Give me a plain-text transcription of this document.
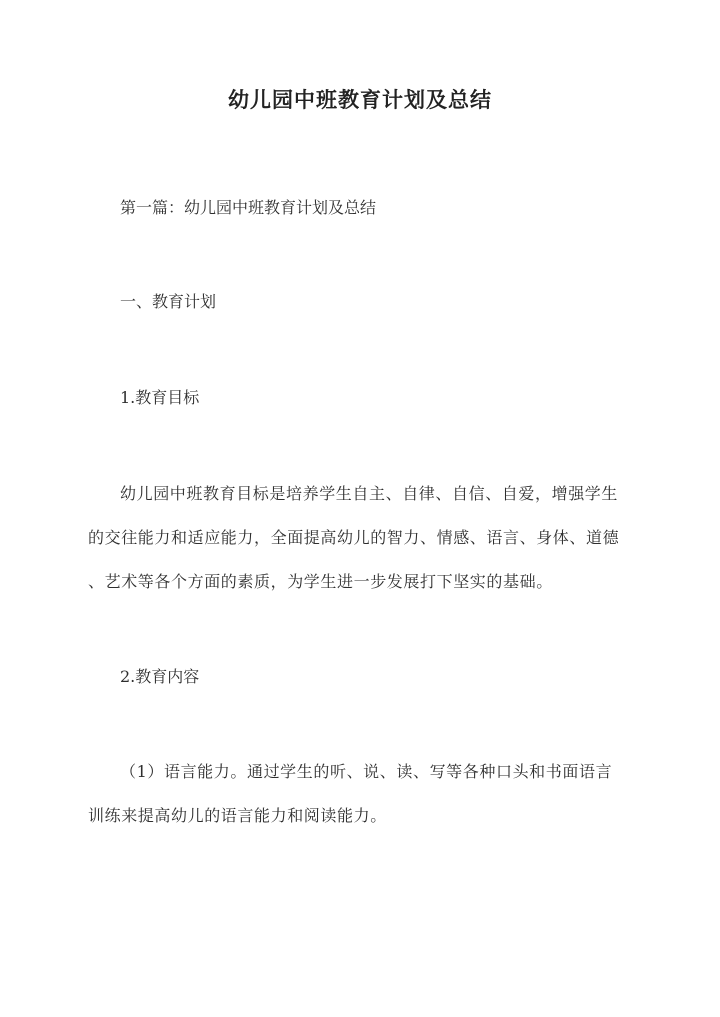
幼儿园中班教育计划及总结
第一篇：幼儿园中班教育计划及总结
一、教育计划
1.教育目标
幼儿园中班教育目标是培养学生自主、自律、自信、自爱，增强学生
的交往能力和适应能力，全面提高幼儿的智力、情感、语言、身体、道德
、艺术等各个方面的素质，为学生进一步发展打下坚实的基础。
2.教育内容
（1）语言能力。通过学生的听、说、读、写等各种口头和书面语言
训练来提高幼儿的语言能力和阅读能力。
